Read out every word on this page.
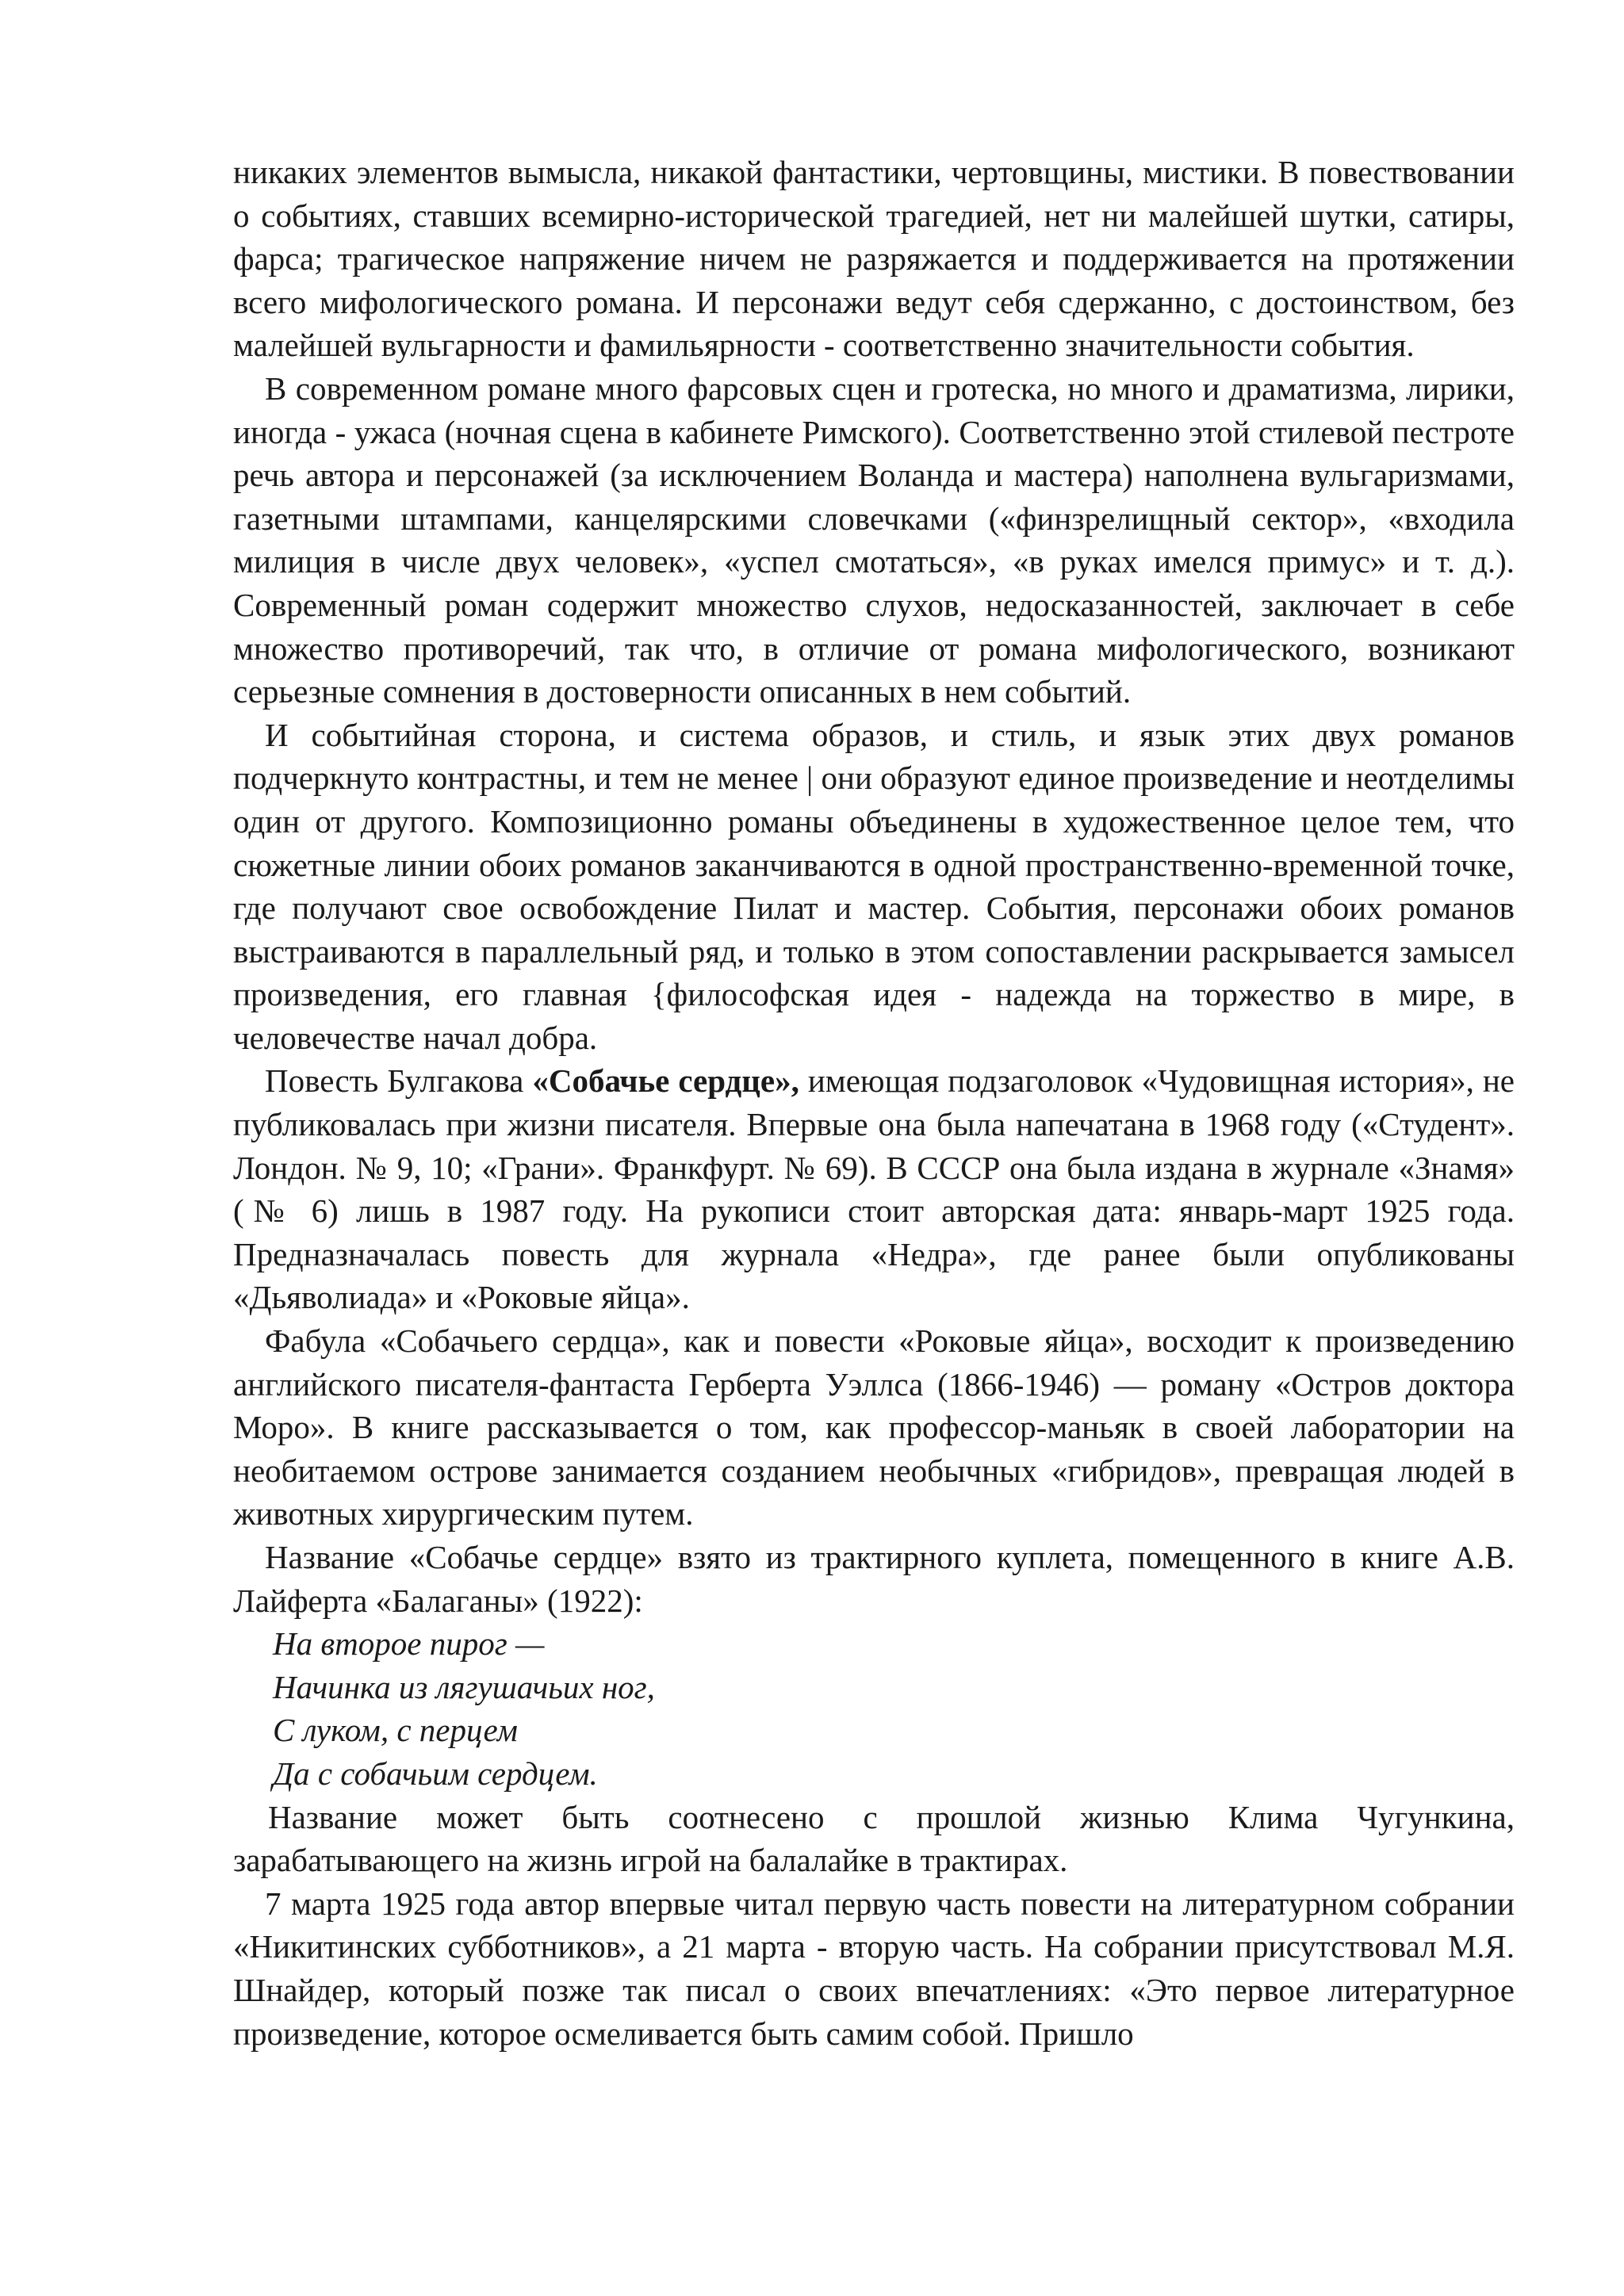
никаких элементов вымысла, никакой фантастики, чертовщины, мистики. В повествовании о событиях, ставших всемирно-исторической трагедией, нет ни малейшей шутки, сатиры, фарса; трагическое напряжение ничем не разряжается и поддерживается на протяжении всего мифологического романа. И персонажи ведут себя сдержанно, с достоинством, без малейшей вульгарности и фамильярности - соответственно значительности события.

В современном романе много фарсовых сцен и гротеска, но много и драматизма, лирики, иногда - ужаса (ночная сцена в кабинете Римского). Соответственно этой стилевой пестроте речь автора и персонажей (за исключением Воланда и мастера) наполнена вульгаризмами, газетными штампами, канцелярскими словечками («финзрелищный сектор», «входила милиция в числе двух человек», «успел смотаться», «в руках имелся примус» и т. д.). Современный роман содержит множество слухов, недосказанностей, заключает в себе множество противоречий, так что, в отличие от романа мифологического, возникают серьезные сомнения в достоверности описанных в нем событий.

И событийная сторона, и система образов, и стиль, и язык этих двух романов подчеркнуто контрастны, и тем не менее | они образуют единое произведение и неотделимы один от другого. Композиционно романы объединены в художественное целое тем, что сюжетные линии обоих романов заканчиваются в одной пространственно-временной точке, где получают свое освобождение Пилат и мастер. События, персонажи обоих романов выстраиваются в параллельный ряд, и только в этом сопоставлении раскрывается замысел произведения, его главная {философская идея - надежда на торжество в мире, в человечестве начал добра.

Повесть Булгакова «Собачье сердце», имеющая подзаголовок «Чудовищная история», не публиковалась при жизни писателя. Впервые она была напечатана в 1968 году («Студент». Лондон. № 9, 10; «Грани». Франкфурт. № 69). В СССР она была издана в журнале «Знамя» (№ 6) лишь в 1987 году. На рукописи стоит авторская дата: январь-март 1925 года. Предназначалась повесть для журнала «Недра», где ранее были опубликованы «Дьяволиада» и «Роковые яйца».

Фабула «Собачьего сердца», как и повести «Роковые яйца», восходит к произведению английского писателя-фантаста Герберта Уэллса (1866-1946) — роману «Остров доктора Моро». В книге рассказывается о том, как профессор-маньяк в своей лаборатории на необитаемом острове занимается созданием необычных «гибридов», превращая людей в животных хирургическим путем.

Название «Собачье сердце» взято из трактирного куплета, помещенного в книге А.В. Лайферта «Балаганы» (1922):

На второе пирог —
Начинка из лягушачьих ног,
С луком, с перцем
Да с собачьим сердцем.

Название может быть соотнесено с прошлой жизнью Клима Чугункина, зарабатывающего на жизнь игрой на балалайке в трактирах.

7 марта 1925 года автор впервые читал первую часть повести на литературном собрании «Никитинских субботников», а 21 марта - вторую часть. На собрании присутствовал М.Я. Шнайдер, который позже так писал о своих впечатлениях: «Это первое литературное произведение, которое осмеливается быть самим собой. Пришло
